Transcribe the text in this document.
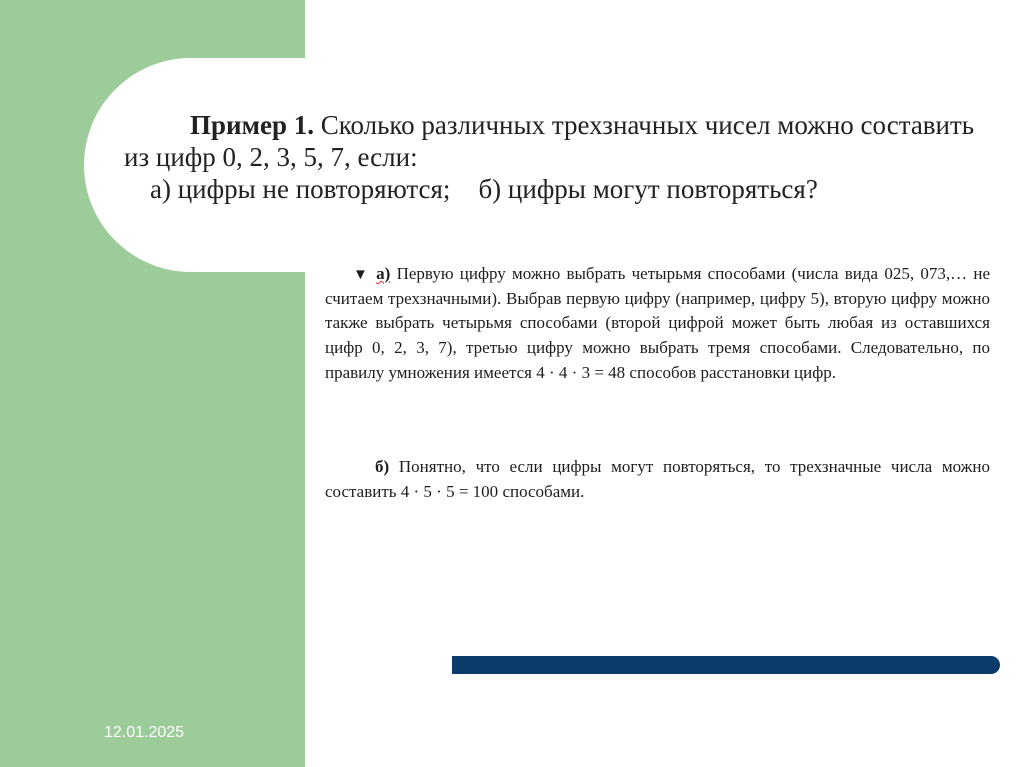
Пример 1. Сколько различных трехзначных чисел можно составить
из цифр 0, 2, 3, 5, 7, если:
а) цифры не повторяются; б) цифры могут повторяться?
▼ а) Первую цифру можно выбрать четырьмя способами (числа вида 025, 073,… не считаем трехзначными). Выбрав первую цифру (например, цифру 5), вторую цифру можно также выбрать четырьмя способами (второй цифрой может быть любая из оставшихся цифр 0, 2, 3, 7), третью цифру можно выбрать тремя способами. Следовательно, по правилу умножения имеется 4 · 4 · 3 = 48 способов расстановки цифр.
б) Понятно, что если цифры могут повторяться, то трехзначные числа можно составить 4 · 5 · 5 = 100 способами.
12.01.2025
